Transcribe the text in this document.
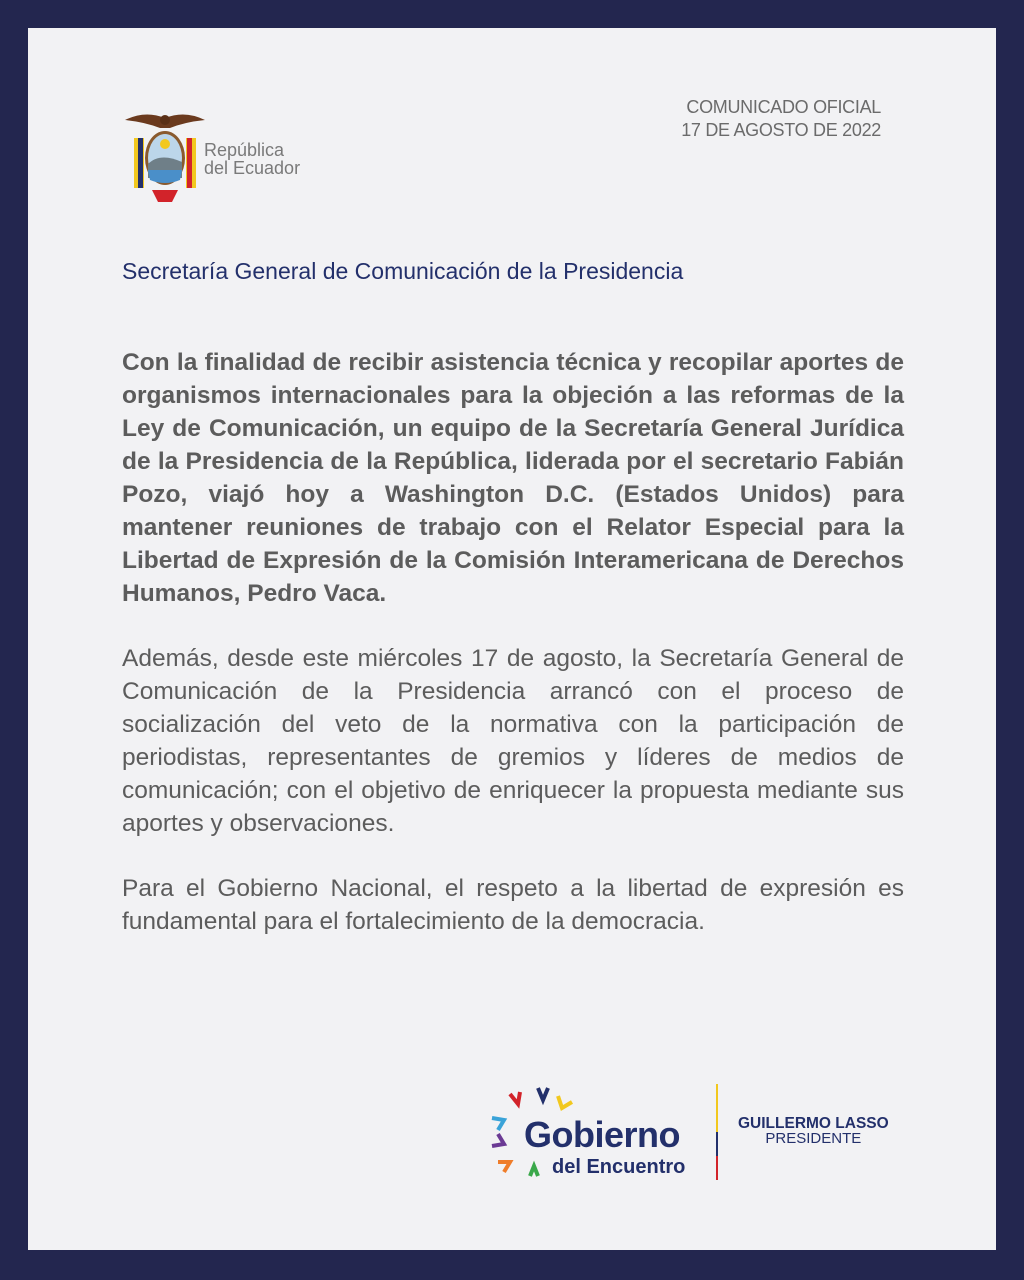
COMUNICADO OFICIAL
17 DE AGOSTO DE 2022
República
del Ecuador
Secretaría General de Comunicación de la Presidencia

Con la finalidad de recibir asistencia técnica y recopilar aportes de organismos internacionales para la objeción a las reformas de la Ley de Comunicación, un equipo de la Secretaría General Jurídica de la Presidencia de la República, liderada por el secretario Fabián Pozo, viajó hoy a Washington D.C. (Estados Unidos) para mantener reuniones de trabajo con el Relator Especial para la Libertad de Expresión de la Comisión Interamericana de Derechos Humanos, Pedro Vaca.

Además, desde este miércoles 17 de agosto, la Secretaría General de Comunicación de la Presidencia arrancó con el proceso de socialización del veto de la normativa con la participación de periodistas, representantes de gremios y líderes de medios de comunicación; con el objetivo de enriquecer la propuesta mediante sus aportes y observaciones.

Para el Gobierno Nacional, el respeto a la libertad de expresión es fundamental para el fortalecimiento de la democracia.

Gobierno
del Encuentro
GUILLERMO LASSO
PRESIDENTE
